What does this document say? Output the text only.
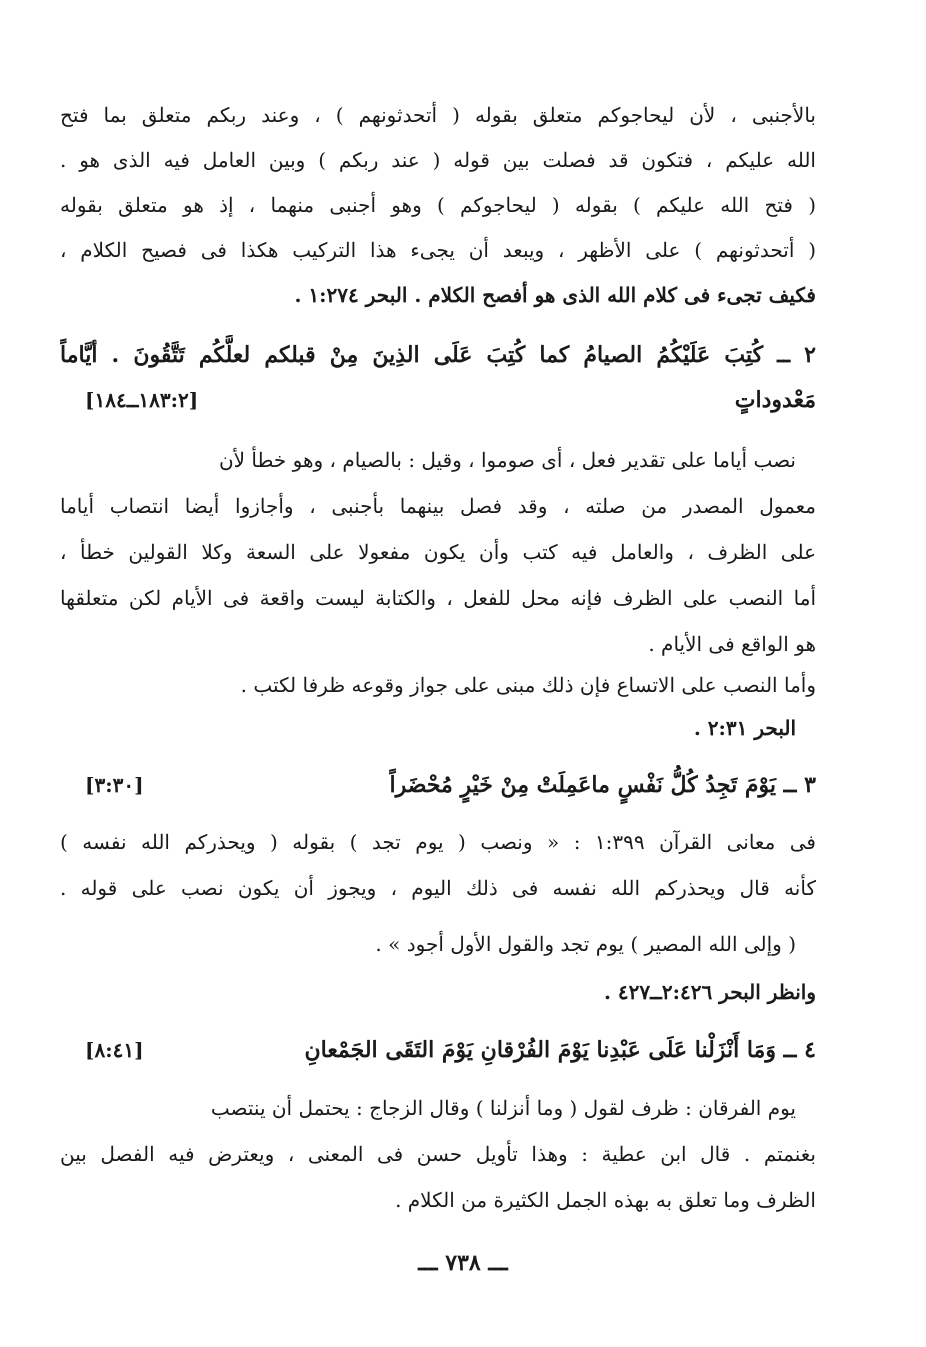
بالأجنبى ، لأن ليحاجوكم متعلق بقوله ( أتحدثونهم ) ، وعند ربكم متعلق بما فتح
الله عليكم ، فتكون قد فصلت بين قوله ( عند ربكم ) وبين العامل فيه الذى هو .
( فتح الله عليكم ) بقوله ( ليحاجوكم ) وهو أجنبى منهما ، إذ هو متعلق بقوله
( أتحدثونهم ) على الأظهر ، ويبعد أن يجىء هذا التركيب هكذا فى فصيح الكلام ،
فكيف تجىء فى كلام الله الذى هو أفصح الكلام . البحر ١:٢٧٤ .
٢ ــ كُتِبَ عَلَيْكُمُ الصيامُ كما كُتِبَ عَلَى الذِينَ مِنْ قبلكم لعلَّكُم تَتَّقُونَ . أيَّاماً
مَعْدوداتٍ
[١٨٣:٢ــ١٨٤]
نصب أياما على تقدير فعل ، أى صوموا ، وقيل : بالصيام ، وهو خطأ لأن
معمول المصدر من صلته ، وقد فصل بينهما بأجنبى ، وأجازوا أيضا انتصاب أياما
على الظرف ، والعامل فيه كتب وأن يكون مفعولا على السعة وكلا القولين خطأ ،
أما النصب على الظرف فإنه محل للفعل ، والكتابة ليست واقعة فى الأيام لكن متعلقها
هو الواقع فى الأيام .
وأما النصب على الاتساع فإن ذلك مبنى على جواز وقوعه ظرفا لكتب .
البحر ٢:٣١ .
٣ ــ يَوْمَ تَجِدُ كُلُّ نَفْسٍ ماعَمِلَتْ مِنْ خَيْرٍ مُحْضَراً
[٣:٣٠]
فى معانى القرآن ١:٣٩٩ : « ونصب ( يوم تجد ) بقوله ( ويحذركم الله نفسه )
كأنه قال ويحذركم الله نفسه فى ذلك اليوم ، ويجوز أن يكون نصب على قوله .
( وإلى الله المصير ) يوم تجد والقول الأول أجود » .
وانظر البحر ٢:٤٢٦ــ٤٢٧ .
٤ ــ وَمَا أَنْزَلْنا عَلَى عَبْدِنا يَوْمَ الفُرْقانِ يَوْمَ التَقَى الجَمْعانِ
[٨:٤١]
يوم الفرقان : ظرف لقول ( وما أنزلنا ) وقال الزجاج : يحتمل أن ينتصب
بغنمتم . قال ابن عطية : وهذا تأويل حسن فى المعنى ، ويعترض فيه الفصل بين
الظرف وما تعلق به بهذه الجمل الكثيرة من الكلام .
ـــ ٧٣٨ ـــ
